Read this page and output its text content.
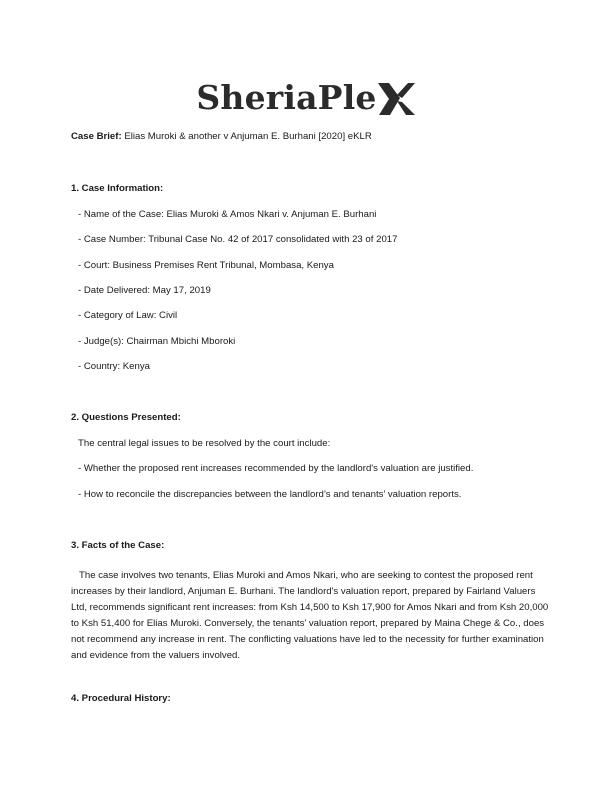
SheriaPle
Case Brief: Elias Muroki & another v Anjuman E. Burhani [2020] eKLR
1. Case Information:
- Name of the Case: Elias Muroki & Amos Nkari v. Anjuman E. Burhani
- Case Number: Tribunal Case No. 42 of 2017 consolidated with 23 of 2017
- Court: Business Premises Rent Tribunal, Mombasa, Kenya
- Date Delivered: May 17, 2019
- Category of Law: Civil
- Judge(s): Chairman Mbichi Mboroki
- Country: Kenya
2. Questions Presented:
The central legal issues to be resolved by the court include:
- Whether the proposed rent increases recommended by the landlord's valuation are justified.
- How to reconcile the discrepancies between the landlord’s and tenants’ valuation reports.
3. Facts of the Case:

The case involves two tenants, Elias Muroki and Amos Nkari, who are seeking to contest the proposed rent increases by their landlord, Anjuman E. Burhani. The landlord's valuation report, prepared by Fairland Valuers Ltd, recommends significant rent increases: from Ksh 14,500 to Ksh 17,900 for Amos Nkari and from Ksh 20,000 to Ksh 51,400 for Elias Muroki. Conversely, the tenants' valuation report, prepared by Maina Chege & Co., does not recommend any increase in rent. The conflicting valuations have led to the necessity for further examination and evidence from the valuers involved.

4. Procedural History:
